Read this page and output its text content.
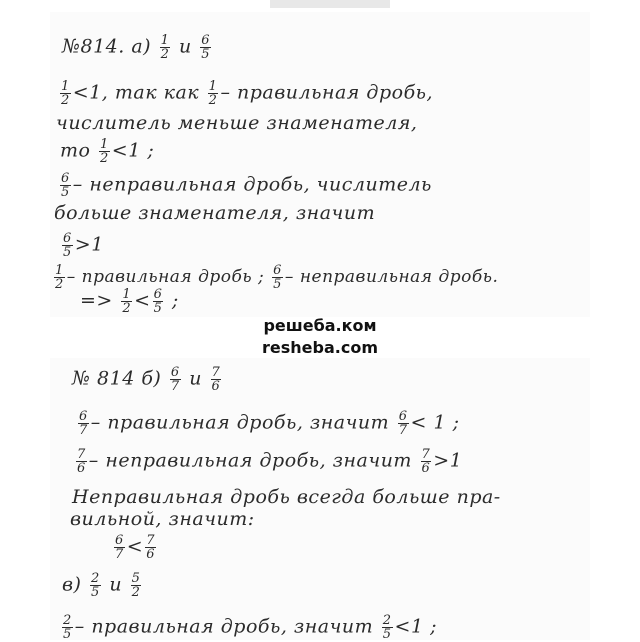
№814. $а) \frac{1}{2}$ и $\frac{6}{5}$
$\frac{1}{2} <1$, так как $\frac{1}{2}$ – правильная дробь,
числитель меньше знаменателя,
то $\frac{1}{2} <1$ ;
$\frac{6}{5}$ – неправильная дробь, числитель
больше знаменателя, значит
$\frac{6}{5} >1$
$\frac{1}{2}$ – правильная дробь ; $\frac{6}{5}$ – неправильная дробь.
=> $\frac{1}{2} < \frac{6}{5}$ ;
решеба.ком
resheba.com
№ 814 $б) \frac{6}{7}$ и $\frac{7}{6}$
$\frac{6}{7}$ – правильная дробь, значит $\frac{6}{7} < 1$ ;
$\frac{7}{6}$ – неправильная дробь, значит $\frac{7}{6} >1$
Неправильная дробь всегда больше пра-
вильной, значит:
$\frac{6}{7} < \frac{7}{6}$
$в) \frac{2}{5}$ и $\frac{5}{2}$
$\frac{2}{5}$ – правильная дробь, значит $\frac{2}{5} <1$ ;
